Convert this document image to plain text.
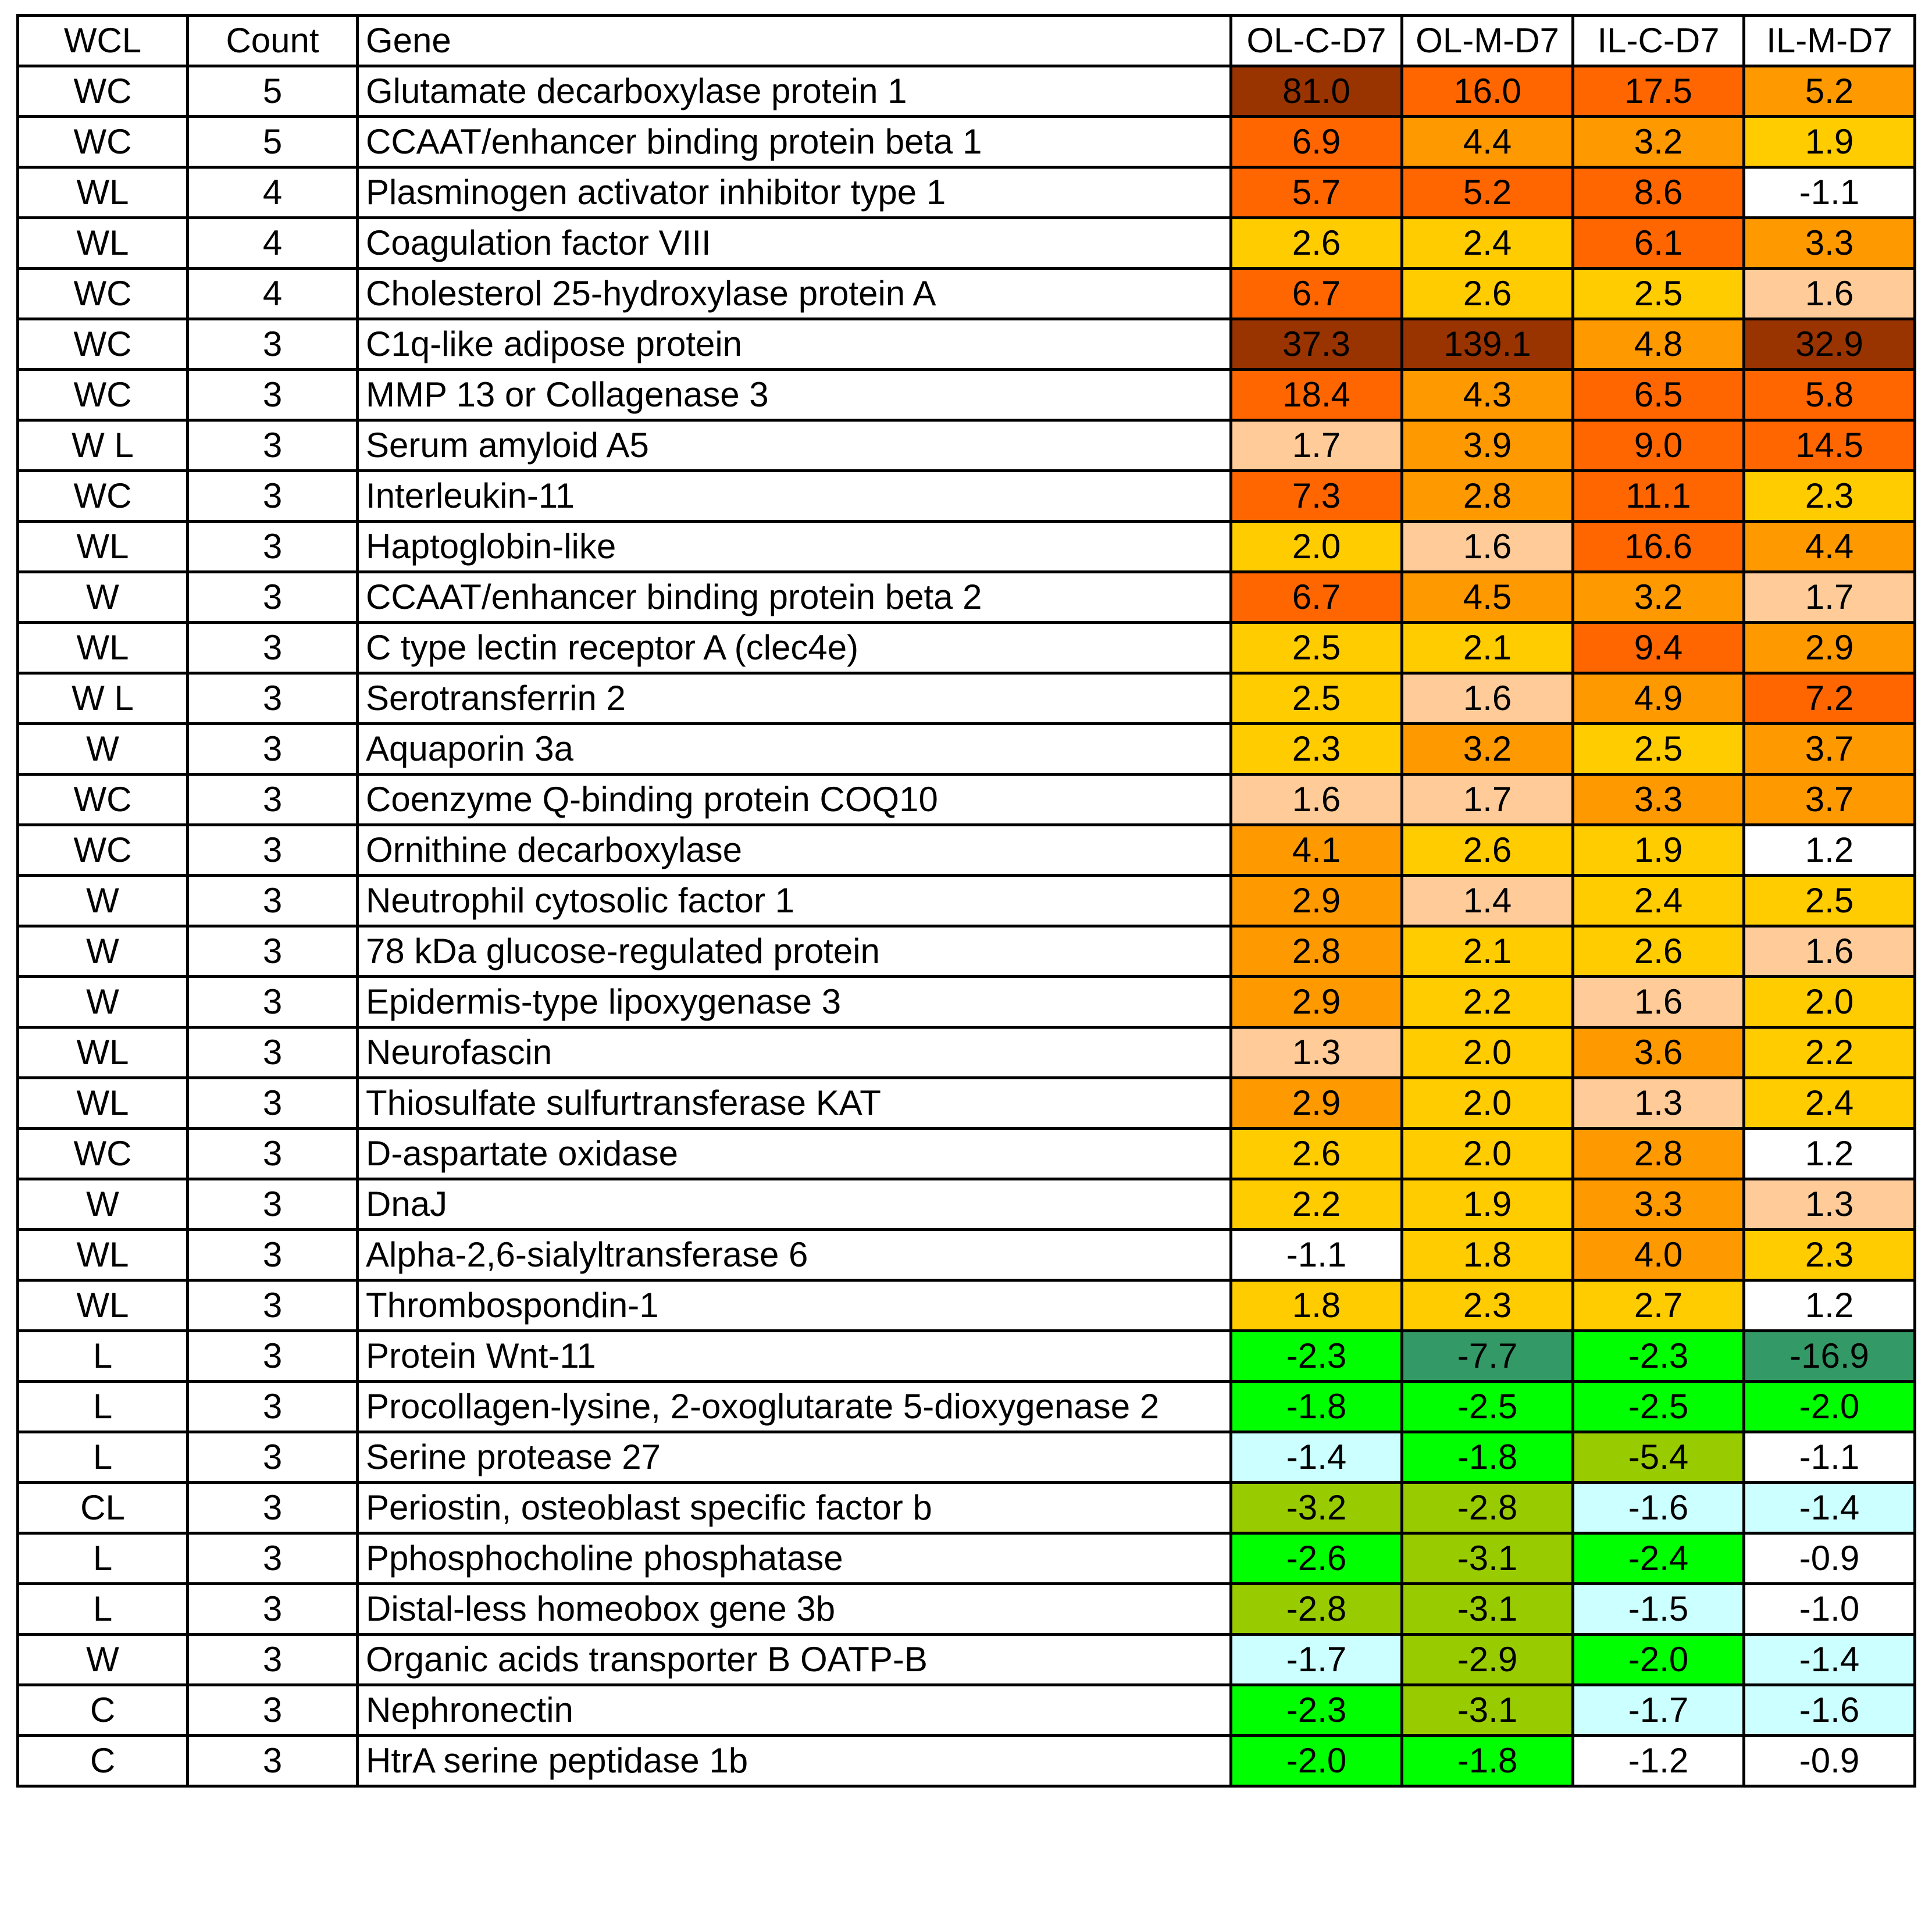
WCL	Count	Gene	OL-C-D7	OL-M-D7	IL-C-D7	IL-M-D7
WC	5	Glutamate decarboxylase protein 1	81.0	16.0	17.5	5.2
WC	5	CCAAT/enhancer binding protein beta 1	6.9	4.4	3.2	1.9
WL	4	Plasminogen activator inhibitor type 1	5.7	5.2	8.6	-1.1
WL	4	Coagulation factor VIII	2.6	2.4	6.1	3.3
WC	4	Cholesterol 25-hydroxylase protein A	6.7	2.6	2.5	1.6
WC	3	C1q-like adipose protein	37.3	139.1	4.8	32.9
WC	3	MMP 13 or Collagenase 3	18.4	4.3	6.5	5.8
W L	3	Serum amyloid A5	1.7	3.9	9.0	14.5
WC	3	Interleukin-11	7.3	2.8	11.1	2.3
WL	3	Haptoglobin-like	2.0	1.6	16.6	4.4
W	3	CCAAT/enhancer binding protein beta 2	6.7	4.5	3.2	1.7
WL	3	C type lectin receptor A (clec4e)	2.5	2.1	9.4	2.9
W L	3	Serotransferrin 2	2.5	1.6	4.9	7.2
W	3	Aquaporin 3a	2.3	3.2	2.5	3.7
WC	3	Coenzyme Q-binding protein COQ10	1.6	1.7	3.3	3.7
WC	3	Ornithine decarboxylase	4.1	2.6	1.9	1.2
W	3	Neutrophil cytosolic factor 1	2.9	1.4	2.4	2.5
W	3	78 kDa glucose-regulated protein	2.8	2.1	2.6	1.6
W	3	Epidermis-type lipoxygenase 3	2.9	2.2	1.6	2.0
WL	3	Neurofascin	1.3	2.0	3.6	2.2
WL	3	Thiosulfate sulfurtransferase KAT	2.9	2.0	1.3	2.4
WC	3	D-aspartate oxidase	2.6	2.0	2.8	1.2
W	3	DnaJ	2.2	1.9	3.3	1.3
WL	3	Alpha-2,6-sialyltransferase 6	-1.1	1.8	4.0	2.3
WL	3	Thrombospondin-1	1.8	2.3	2.7	1.2
L	3	Protein Wnt-11	-2.3	-7.7	-2.3	-16.9
L	3	Procollagen-lysine, 2-oxoglutarate 5-dioxygenase 2	-1.8	-2.5	-2.5	-2.0
L	3	Serine protease 27	-1.4	-1.8	-5.4	-1.1
CL	3	Periostin, osteoblast specific factor b	-3.2	-2.8	-1.6	-1.4
L	3	Pphosphocholine phosphatase	-2.6	-3.1	-2.4	-0.9
L	3	Distal-less homeobox gene 3b	-2.8	-3.1	-1.5	-1.0
W	3	Organic acids transporter B OATP-B	-1.7	-2.9	-2.0	-1.4
C	3	Nephronectin	-2.3	-3.1	-1.7	-1.6
C	3	HtrA serine peptidase 1b	-2.0	-1.8	-1.2	-0.9
